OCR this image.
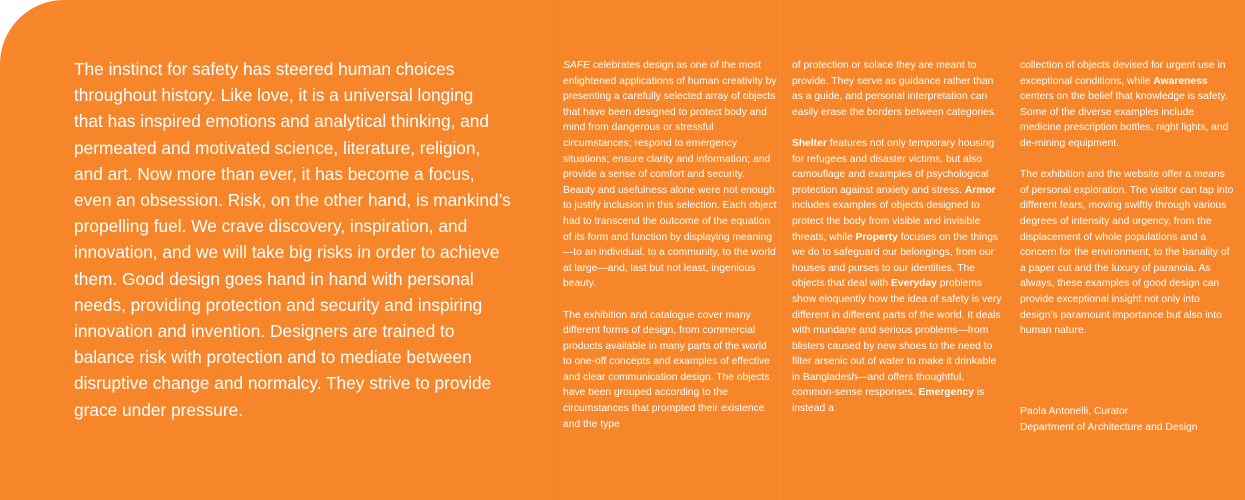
The instinct for safety has steered human choices
throughout history. Like love, it is a universal longing
that has inspired emotions and analytical thinking, and
permeated and motivated science, literature, religion,
and art. Now more than ever, it has become a focus,
even an obsession. Risk, on the other hand, is mankind’s
propelling fuel. We crave discovery, inspiration, and
innovation, and we will take big risks in order to achieve
them. Good design goes hand in hand with personal
needs, providing protection and security and inspiring
innovation and invention. Designers are trained to
balance risk with protection and to mediate between
disruptive change and normalcy. They strive to provide
grace under pressure.

SAFE celebrates design as one of the most enlightened applications of human creativity by presenting a carefully selected array of objects that have been designed to protect body and mind from dangerous or stressful circumstances; respond to emergency situations; ensure clarity and information; and provide a sense of comfort and security. Beauty and usefulness alone were not enough to justify inclusion in this selection. Each object had to transcend the outcome of the equation of its form and function by displaying meaning—to an individual, to a community, to the world at large—and, last but not least, ingenious beauty.

The exhibition and catalogue cover many different forms of design, from commercial products available in many parts of the world to one-off concepts and examples of effective and clear communication design. The objects have been grouped according to the circumstances that prompted their existence and the type

of protection or solace they are meant to provide. They serve as guidance rather than as a guide, and personal interpretation can easily erase the borders between categories.

Shelter features not only temporary housing for refugees and disaster victims, but also camouflage and examples of psychological protection against anxiety and stress. Armor includes examples of objects designed to protect the body from visible and invisible threats, while Property focuses on the things we do to safeguard our belongings, from our houses and purses to our identities. The objects that deal with Everyday problems show eloquently how the idea of safety is very different in different parts of the world. It deals with mundane and serious problems—from blisters caused by new shoes to the need to filter arsenic out of water to make it drinkable in Bangladesh—and offers thoughtful, common-sense responses. Emergency is instead a

collection of objects devised for urgent use in exceptional conditions, while Awareness centers on the belief that knowledge is safety. Some of the diverse examples include medicine prescription bottles, night lights, and de-mining equipment.

The exhibition and the website offer a means of personal exploration. The visitor can tap into different fears, moving swiftly through various degrees of intensity and urgency, from the displacement of whole populations and a concern for the environment, to the banality of a paper cut and the luxury of paranoia. As always, these examples of good design can provide exceptional insight not only into design’s paramount importance but also into human nature.

Paola Antonelli, Curator
Department of Architecture and Design
